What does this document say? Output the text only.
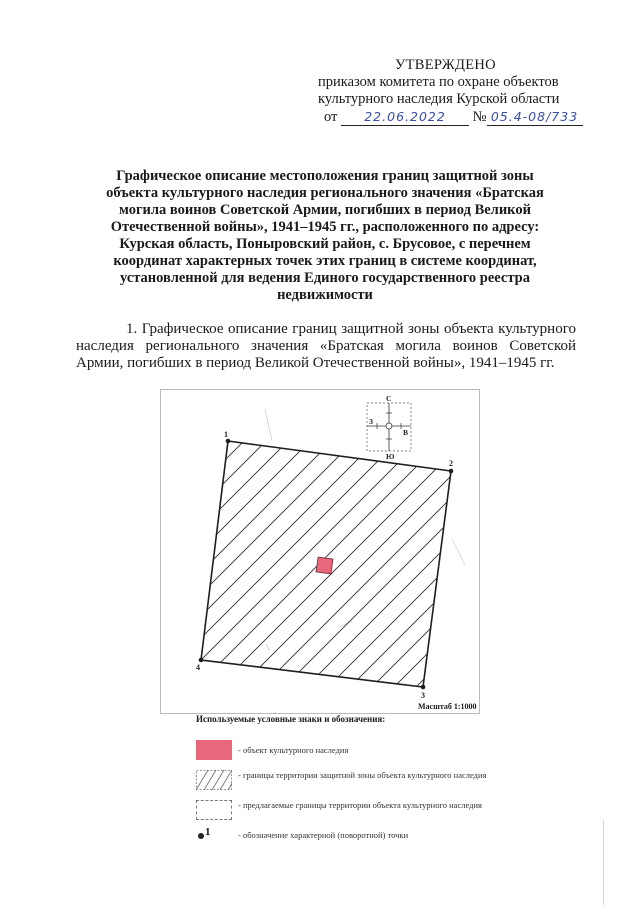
УТВЕРЖДЕНО
приказом комитета по охране объектов
культурного наследия Курской области
от 22.06.2022 № 05.4-08/733
Графическое описание местоположения границ защитной зоны объекта культурного наследия регионального значения «Братская могила воинов Советской Армии, погибших в период Великой Отечественной войны», 1941–1945 гг., расположенного по адресу: Курская область, Поныровский район, с. Брусовое, с перечнем координат характерных точек этих границ в системе координат, установленной для ведения Единого государственного реестра недвижимости
1. Графическое описание границ защитной зоны объекта культурного наследия регионального значения «Братская могила воинов Советской Армии, погибших в период Великой Отечественной войны», 1941–1945 гг.
1
2
3
4
С
Ю
В
З
Масштаб 1:1000
Используемые условные знаки и обозначения:
- объект культурного наследия
- границы территории защитной зоны объекта культурного наследия
- предлагаемые границы территории объекта культурного наследия
1	- обозначение характерной (поворотной) точки
